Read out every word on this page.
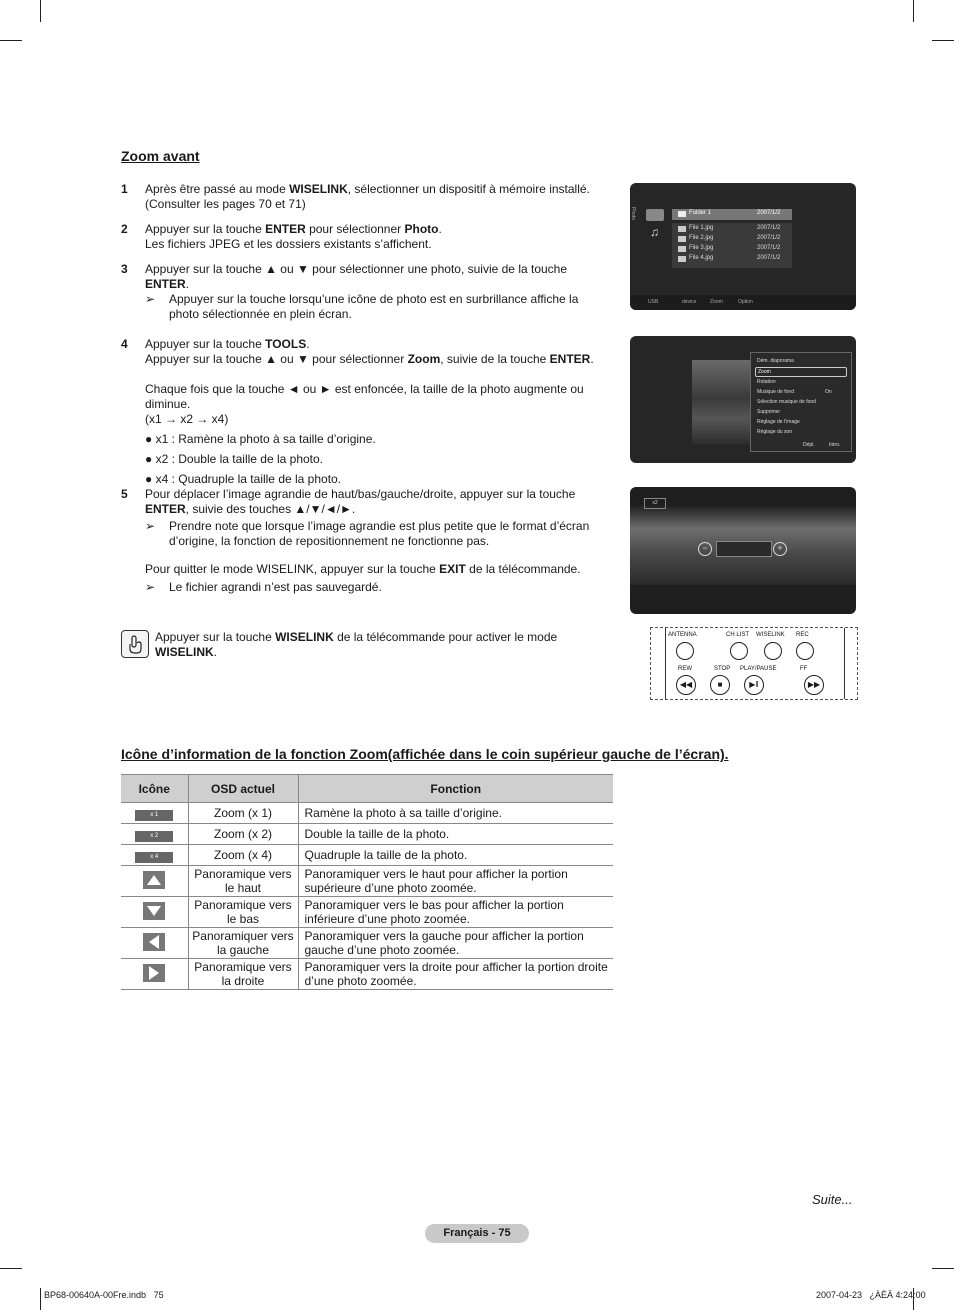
Zoom avant
1 Après être passé au mode WISELINK, sélectionner un dispositif à mémoire installé. (Consulter les pages 70 et 71)
2 Appuyer sur la touche ENTER pour sélectionner Photo.
Les fichiers JPEG et les dossiers existants s’affichent.
3 Appuyer sur la touche ▲ ou ▼ pour sélectionner une photo, suivie de la touche ENTER.
➢ Appuyer sur la touche lorsqu’une icône de photo est en surbrillance affiche la photo sélectionnée en plein écran.
4 Appuyer sur la touche TOOLS.
Appuyer sur la touche ▲ ou ▼ pour sélectionner Zoom, suivie de la touche ENTER.
Chaque fois que la touche ◄ ou ► est enfoncée, la taille de la photo augmente ou diminue.
(x1 → x2 → x4)
● x1 : Ramène la photo à sa taille d’origine.
● x2 : Double la taille de la photo.
● x4 : Quadruple la taille de la photo.
5 Pour déplacer l’image agrandie de haut/bas/gauche/droite, appuyer sur la touche ENTER, suivie des touches ▲/▼/◄/►.
➢ Prendre note que lorsque l’image agrandie est plus petite que le format d’écran d’origine, la fonction de repositionnement ne fonctionne pas.
Pour quitter le mode WISELINK, appuyer sur la touche EXIT de la télécommande.
➢ Le fichier agrandi n’est pas sauvegardé.
Appuyer sur la touche WISELINK de la télécommande pour activer le mode WISELINK.
Photo
♫
Folder 1	2007/1/2
File 1.jpg	2007/1/2
File 2.jpg	2007/1/2
File 3.jpg	2007/1/2
File 4.jpg	2007/1/2
USB	device	Zoom	Option
Dém. diaporama
Zoom
Rotation
Musique de fond	On
Sélection musique de fond
Supprimer
Réglage de l’image
Réglage du son
Dépl.	Intro.
x2
−	+
ANTENNA	CH LIST WISELINK REC
REW	STOP PLAY/PAUSE	FF
◀◀	■	▶ǁ	▶▶
Icône d’information de la fonction Zoom(affichée dans le coin supérieur gauche de l’écran).
Icône	OSD actuel	Fonction
x 1	Zoom (x 1)	Ramène la photo à sa taille d’origine.
x 2	Zoom (x 2)	Double la taille de la photo.
x 4	Zoom (x 4)	Quadruple la taille de la photo.

	Panoramique vers le haut	Panoramiquer vers le haut pour afficher la portion supérieure d’une photo zoomée.

	Panoramique vers le bas	Panoramiquer vers le bas pour afficher la portion inférieure d’une photo zoomée.

	Panoramiquer vers la gauche	Panoramiquer vers la gauche pour afficher la portion gauche d’une photo zoomée.

	Panoramique vers la droite	Panoramiquer vers la droite pour afficher la portion droite d’une photo zoomée.
Suite...
Français - 75
BP68-00640A-00Fre.indb   75	2007-04-23   ¿ÀÈÄ 4:24:00
